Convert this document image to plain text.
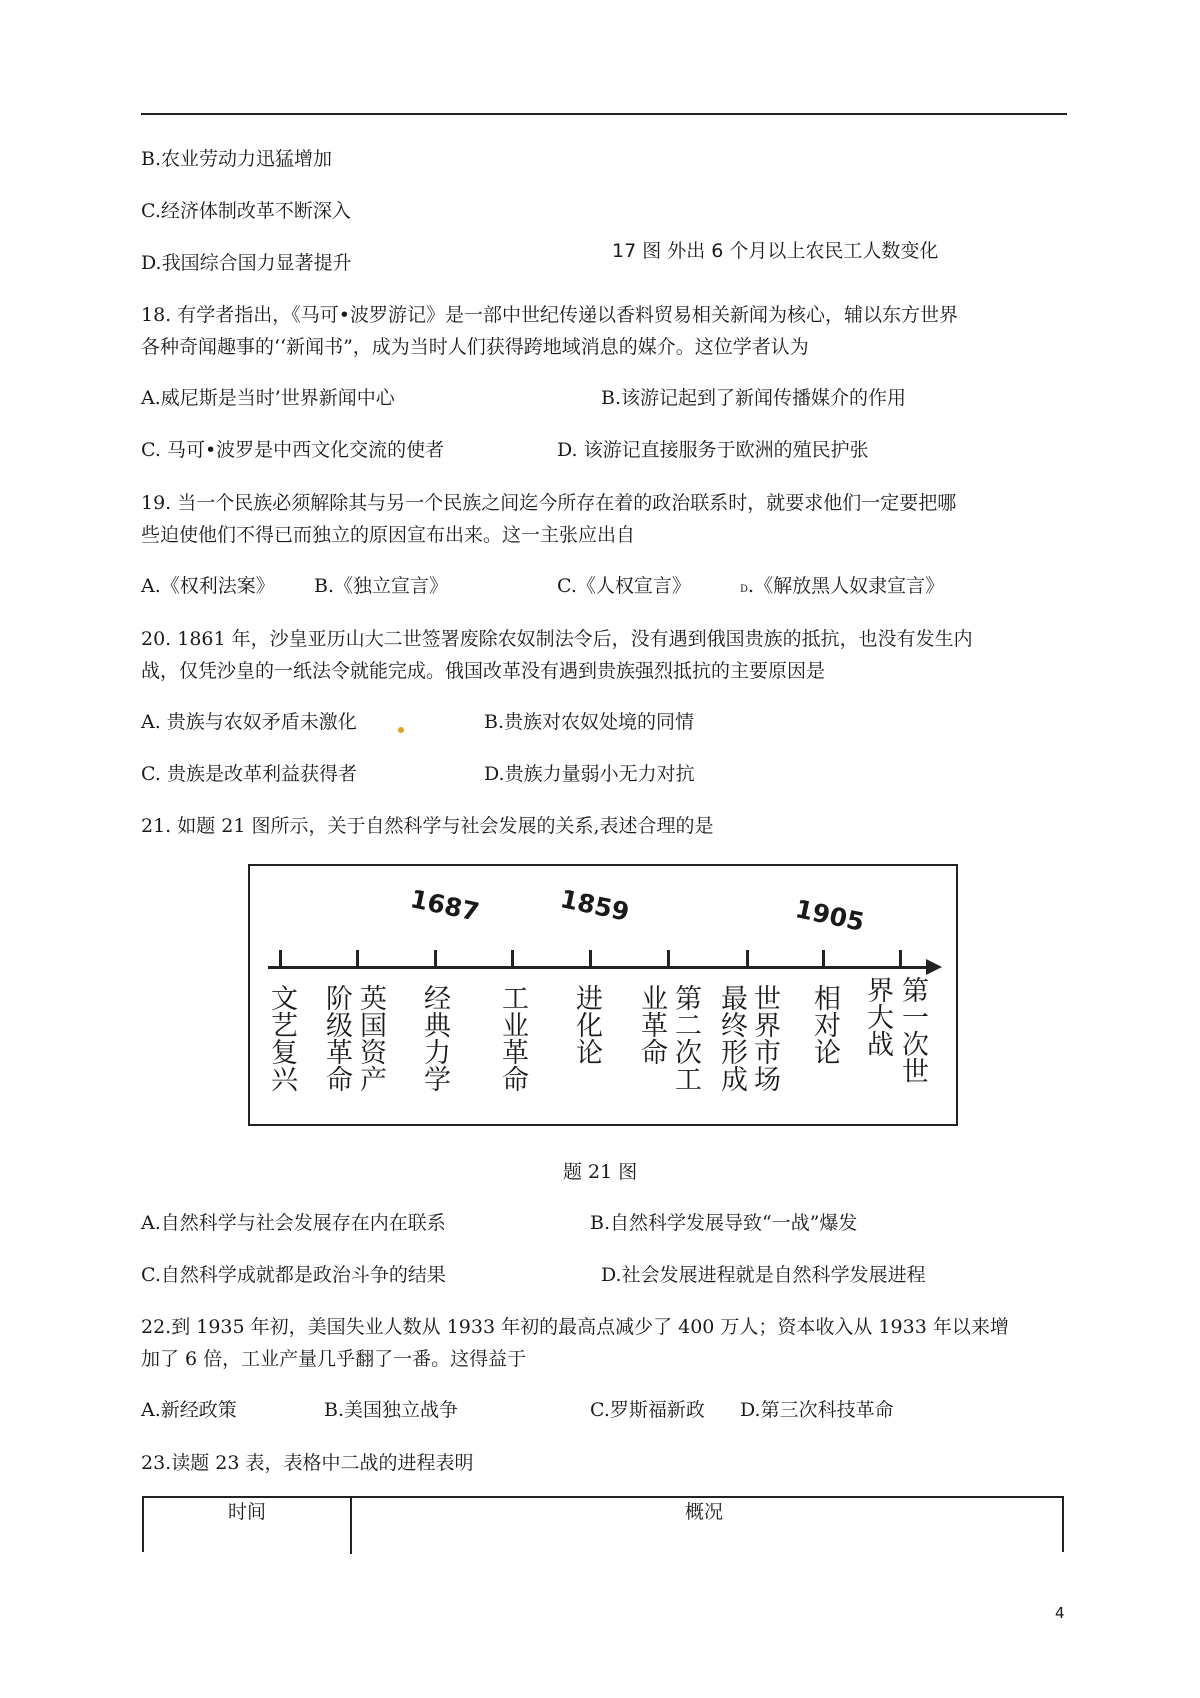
B.农业劳动力迅猛增加
C.经济体制改革不断深入
D.我国综合国力显著提升
17 图 外出 6 个月以上农民工人数变化
18. 有学者指出，《马可•波罗游记》是一部中世纪传递以香料贸易相关新闻为核心，辅以东方世界
各种奇闻趣事的‘‘新闻书”，成为当时人们获得跨地域消息的媒介。这位学者认为
A.威尼斯是当时’世界新闻中心	B.该游记起到了新闻传播媒介的作用
C. 马可•波罗是中西文化交流的使者	D. 该游记直接服务于欧洲的殖民护张
19. 当一个民族必须解除其与另一个民族之间迄今所存在着的政治联系时，就要求他们一定要把哪
些迫使他们不得已而独立的原因宣布出来。这一主张应出自
A.《权利法案》 B.《独立宣言》	C.《人权宣言》	D.《解放黑人奴隶宣言》
20. 1861 年，沙皇亚历山大二世签署废除农奴制法令后，没有遇到俄国贵族的抵抗，也没有发生内
战，仅凭沙皇的一纸法令就能完成。俄国改革没有遇到贵族强烈抵抗的主要原因是
A. 贵族与农奴矛盾未激化	B.贵族对农奴处境的同情
C. 贵族是改革利益获得者	D.贵族力量弱小无力对抗
21. 如题 21 图所示，关于自然科学与社会发展的关系,表述合理的是
1687	1859	1905
文艺复兴 阶级革命 英国资产 经典力学 工业革命 进化论 业革命 第二次工 最终形成 世界市场 相对论 界大战 第一次世
题 21 图
A.自然科学与社会发展存在内在联系	B.自然科学发展导致“一战”爆发
C.自然科学成就都是政治斗争的结果	D.社会发展进程就是自然科学发展进程
22.到 1935 年初，美国失业人数从 1933 年初的最高点减少了 400 万人；资本收入从 1933 年以来增
加了 6 倍，工业产量几乎翻了一番。这得益于
A.新经政策	B.美国独立战争	C.罗斯福新政 D.第三次科技革命
23.读题 23 表，表格中二战的进程表明
时间	概况
4
